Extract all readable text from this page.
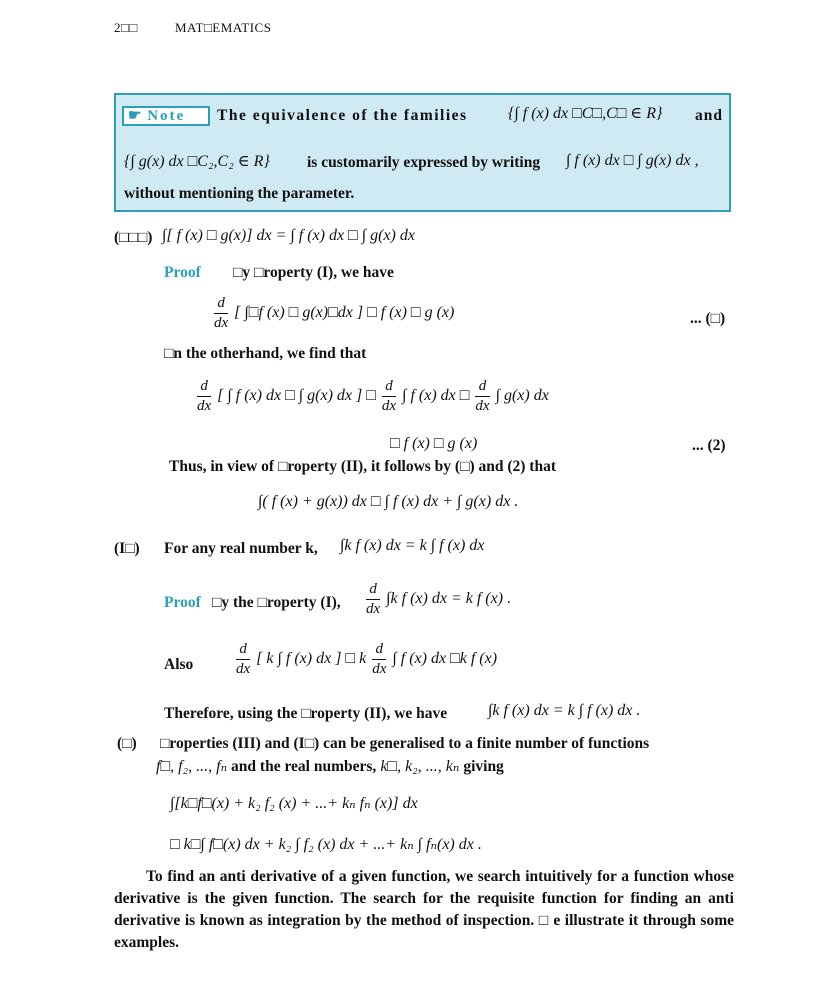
2□□	MAT□EMATICS
☛ Note	The equivalence of the families	{∫ f (x) dx □C□,C□ ∈ R} and
{∫ g(x) dx □C₂,C₂ ∈ R} is customarily expressed by writing ∫ f (x) dx □ ∫ g(x) dx ,
without mentioning the parameter.
(□□□) ∫[ f (x) □ g(x)] dx = ∫ f (x) dx □ ∫ g(x) dx
Proof □y □roperty (I), we have
$\frac{d}{dx}$ [ ∫□f (x) □ g(x)□dx ] □ f (x) □ g (x)	... (□)
□n the otherhand, we find that
$\frac{d}{dx}$ [ ∫ f (x) dx □ ∫ g(x) dx ] □ $\frac{d}{dx}$ ∫ f (x) dx □ $\frac{d}{dx}$ ∫ g(x) dx
□ f (x) □ g (x)	... (2)
Thus, in view of □roperty (II), it follows by (□) and (2) that
∫( f (x) + g(x)) dx □ ∫ f (x) dx + ∫ g(x) dx .
(I□) For any real number k, ∫k f (x) dx = k ∫ f (x) dx
Proof □y the □roperty (I), $\frac{d}{dx} \int k$ f (x) dx = k f (x) .
Also	$\frac{d}{dx}$ [ k ∫ f (x) dx ] □ k $\frac{d}{dx}$ ∫ f (x) dx □k f (x)
Therefore, using the □roperty (II), we have	∫k f (x) dx = k ∫ f (x) dx .
(□) □roperties (III) and (I□) can be generalised to a finite number of functions
f□, f₂, ..., fₙ and the real numbers, k□, k₂, ..., kₙ giving
∫[k□f□(x) + k₂ f₂ (x) + ...+ kₙ fₙ (x)] dx
□ k□∫ f□(x) dx + k₂ ∫ f₂ (x) dx + ...+ kₙ ∫ fₙ(x) dx .
To find an anti derivative of a given function, we search intuitively for a function whose derivative is the given function. The search for the requisite function for finding an anti derivative is known as integration by the method of inspection. □ e illustrate it through some examples.
